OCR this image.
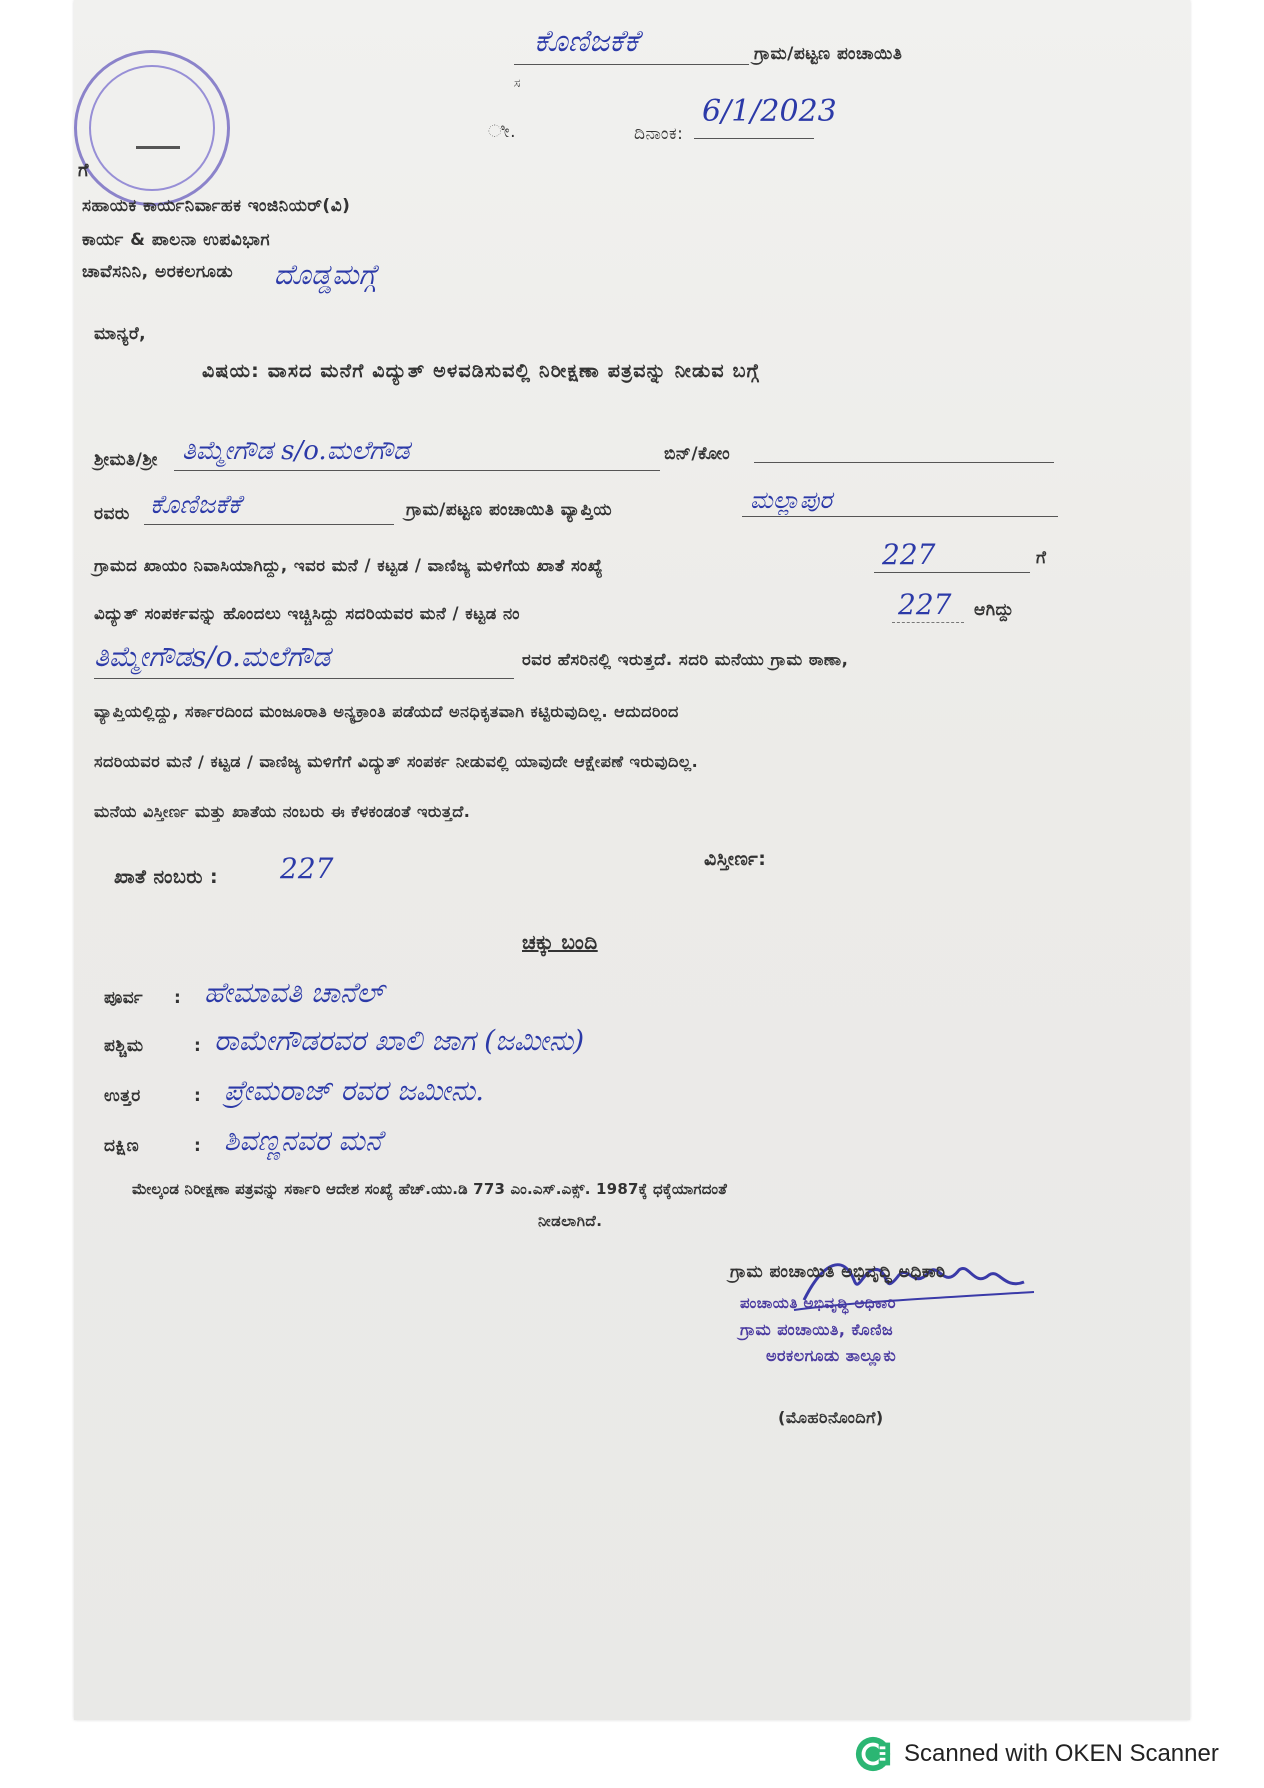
ಕೊಣಿಜಕೆಕೆ	ಗ್ರಾಮ/ಪಟ್ಟಣ ಪಂಚಾಯಿತಿ
ಸ
ೀ.	ದಿನಾಂಕ:
6/1/2023
ಗೆ
ಸಹಾಯಕ ಕಾರ್ಯನಿರ್ವಾಹಕ ಇಂಜಿನಿಯರ್(ವಿ)
ಕಾರ್ಯ & ಪಾಲನಾ ಉಪವಿಭಾಗ
ಚಾವೆಸನಿನಿ, ಅರಕಲಗೂಡು ದೊಡ್ಡಮಗ್ಗೆ
ಮಾನ್ಯರೆ,
ವಿಷಯ: ವಾಸದ ಮನೆಗೆ ವಿದ್ಯುತ್ ಅಳವಡಿಸುವಲ್ಲಿ ನಿರೀಕ್ಷಣಾ ಪತ್ರವನ್ನು ನೀಡುವ ಬಗ್ಗೆ
ಶ್ರೀಮತಿ/ಶ್ರೀ ತಿಮ್ಮೇಗೌಡ s/o.ಮಲೆಗೌಡ	ಬಿನ್/ಕೋಂ
ರವರು ಕೊಣಿಜಕೆಕೆ	ಗ್ರಾಮ/ಪಟ್ಟಣ ಪಂಚಾಯಿತಿ ವ್ಯಾಪ್ತಿಯ	ಮಲ್ಲಾಪುರ
ಗ್ರಾಮದ ಖಾಯಂ ನಿವಾಸಿಯಾಗಿದ್ದು, ಇವರ ಮನೆ / ಕಟ್ಟಡ / ವಾಣಿಜ್ಯ ಮಳಿಗೆಯ ಖಾತೆ ಸಂಖ್ಯೆ	227	ಗೆ
ವಿದ್ಯುತ್ ಸಂಪರ್ಕವನ್ನು ಹೊಂದಲು ಇಚ್ಚಿಸಿದ್ದು ಸದರಿಯವರ ಮನೆ / ಕಟ್ಟಡ ನಂ	227 ಆಗಿದ್ದು
ತಿಮ್ಮೇಗೌಡs/o.ಮಲೆಗೌಡ	ರವರ ಹೆಸರಿನಲ್ಲಿ ಇರುತ್ತದೆ. ಸದರಿ ಮನೆಯು ಗ್ರಾಮ ಠಾಣಾ,
ವ್ಯಾಪ್ತಿಯಲ್ಲಿದ್ದು, ಸರ್ಕಾರದಿಂದ ಮಂಜೂರಾತಿ ಅನ್ಯಕ್ರಾಂತಿ ಪಡೆಯದೆ ಅನಧಿಕೃತವಾಗಿ ಕಟ್ಟಿರುವುದಿಲ್ಲ. ಆದುದರಿಂದ
ಸದರಿಯವರ ಮನೆ / ಕಟ್ಟಡ / ವಾಣಿಜ್ಯ ಮಳಿಗೆಗೆ ವಿದ್ಯುತ್ ಸಂಪರ್ಕ ನೀಡುವಲ್ಲಿ ಯಾವುದೇ ಆಕ್ಷೇಪಣೆ ಇರುವುದಿಲ್ಲ.
ಮನೆಯ ವಿಸ್ತೀರ್ಣ ಮತ್ತು ಖಾತೆಯ ನಂಬರು ಈ ಕೆಳಕಂಡಂತೆ ಇರುತ್ತದೆ.
ಖಾತೆ ನಂಬರು : 227	ವಿಸ್ತೀರ್ಣ:
ಚಕ್ಕು ಬಂದಿ
ಪೂರ್ವ : ಹೇಮಾವತಿ ಚಾನೆಲ್
ಪಶ್ಚಿಮ	: ರಾಮೇಗೌಡರವರ ಖಾಲಿ ಜಾಗ (ಜಮೀನು)
ಉತ್ತರ	: ಪ್ರೇಮರಾಜ್ ರವರ ಜಮೀನು.
ದಕ್ಷಿಣ	: ಶಿವಣ್ಣನವರ ಮನೆ
ಮೇಲ್ಕಂಡ ನಿರೀಕ್ಷಣಾ ಪತ್ರವನ್ನು ಸರ್ಕಾರಿ ಆದೇಶ ಸಂಖ್ಯೆ ಹೆಚ್.ಯು.ಡಿ 773 ಎಂ.ಎಸ್.ಎಕ್ಸ್. 1987ಕ್ಕೆ ಧಕ್ಕೆಯಾಗದಂತೆ
ನೀಡಲಾಗಿದೆ.
ಗ್ರಾಮ ಪಂಚಾಯಿತಿ ಅಭಿವೃದ್ಧಿ ಅಧಿಕಾರಿ
ಪಂಚಾಯತಿ ಅಭಿವೃದ್ಧಿ ಅಧಿಕಾರಿ
ಗ್ರಾಮ ಪಂಚಾಯಿತಿ, ಕೊಣಿಜ
ಅರಕಲಗೂಡು ತಾಲ್ಲೂಕು
(ಮೊಹರಿನೊಂದಿಗೆ)
Scanned with OKEN Scanner
